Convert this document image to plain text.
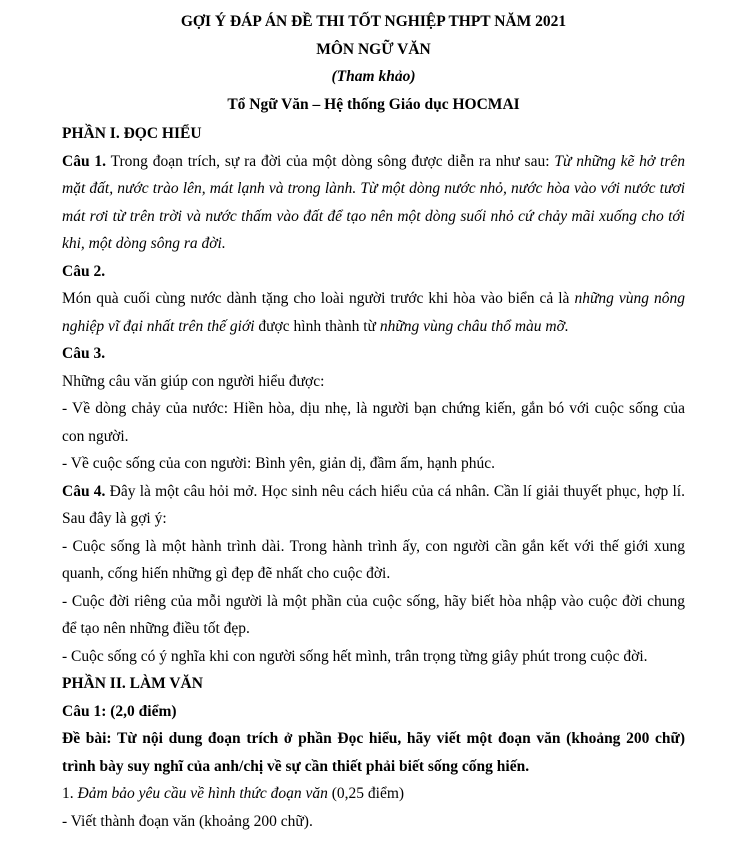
GỢI Ý ĐÁP ÁN ĐỀ THI TỐT NGHIỆP THPT NĂM 2021

MÔN NGỮ VĂN

(Tham khảo)

Tổ Ngữ Văn – Hệ thống Giáo dục HOCMAI

PHẦN I. ĐỌC HIỂU

Câu 1. Trong đoạn trích, sự ra đời của một dòng sông được diễn ra như sau: Từ những kẽ hở trên mặt đất, nước trào lên, mát lạnh và trong lành. Từ một dòng nước nhỏ, nước hòa vào với nước tươi mát rơi từ trên trời và nước thấm vào đất để tạo nên một dòng suối nhỏ cứ chảy mãi xuống cho tới khi, một dòng sông ra đời.

Câu 2.

Món quà cuối cùng nước dành tặng cho loài người trước khi hòa vào biển cả là những vùng nông nghiệp vĩ đại nhất trên thế giới được hình thành từ những vùng châu thổ màu mỡ.

Câu 3.

Những câu văn giúp con người hiểu được:

- Về dòng chảy của nước: Hiền hòa, dịu nhẹ, là người bạn chứng kiến, gắn bó với cuộc sống của con người.

- Về cuộc sống của con người: Bình yên, giản dị, đầm ấm, hạnh phúc.

Câu 4. Đây là một câu hỏi mở. Học sinh nêu cách hiểu của cá nhân. Cần lí giải thuyết phục, hợp lí. Sau đây là gợi ý:

- Cuộc sống là một hành trình dài. Trong hành trình ấy, con người cần gắn kết với thế giới xung quanh, cống hiến những gì đẹp đẽ nhất cho cuộc đời.

- Cuộc đời riêng của mỗi người là một phần của cuộc sống, hãy biết hòa nhập vào cuộc đời chung để tạo nên những điều tốt đẹp.

- Cuộc sống có ý nghĩa khi con người sống hết mình, trân trọng từng giây phút trong cuộc đời.

PHẦN II. LÀM VĂN

Câu 1: (2,0 điểm)

Đề bài: Từ nội dung đoạn trích ở phần Đọc hiểu, hãy viết một đoạn văn (khoảng 200 chữ) trình bày suy nghĩ của anh/chị về sự cần thiết phải biết sống cống hiến.

1. Đảm bảo yêu cầu về hình thức đoạn văn (0,25 điểm)

- Viết thành đoạn văn (khoảng 200 chữ).
